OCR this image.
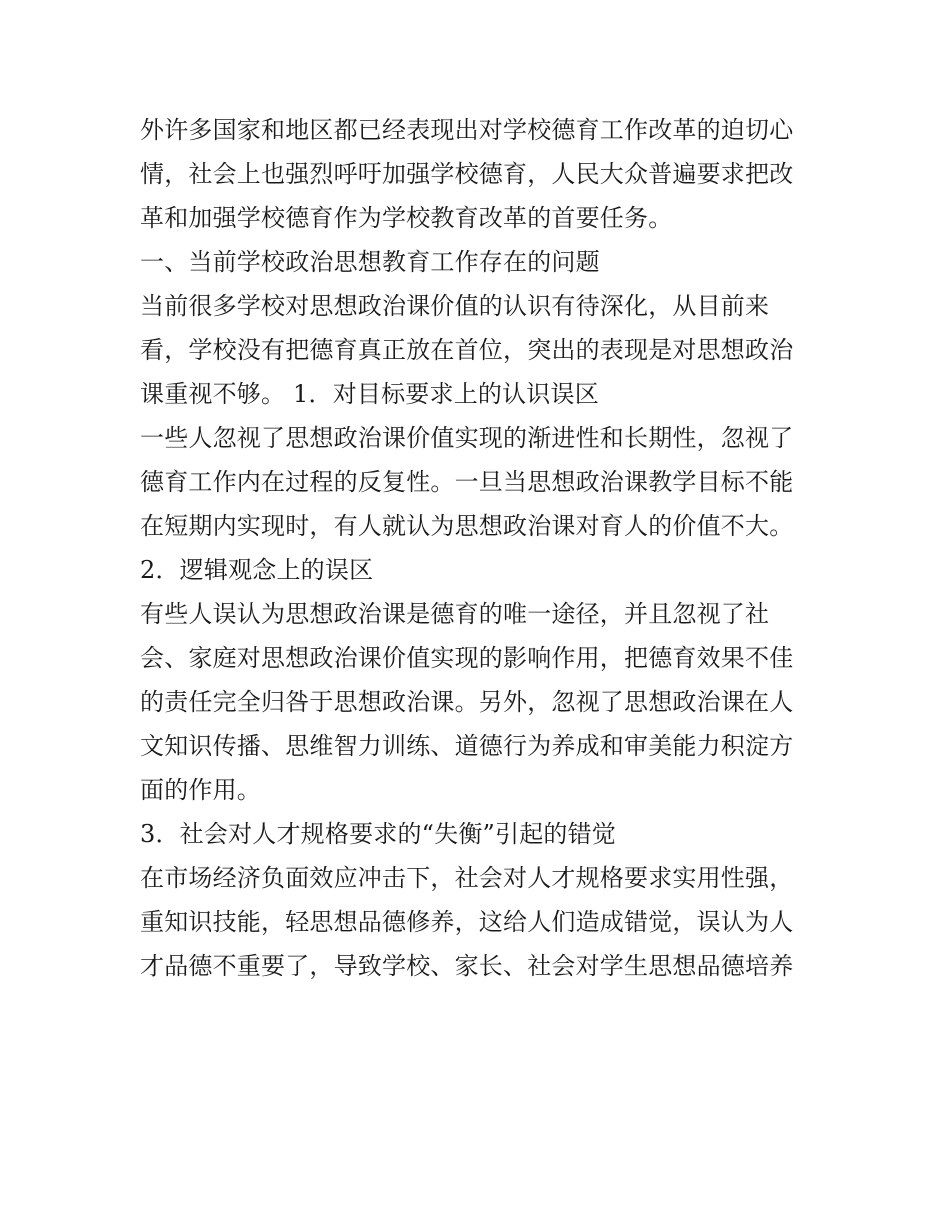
外许多国家和地区都已经表现出对学校德育工作改革的迫切心
情，社会上也强烈呼吁加强学校德育，人民大众普遍要求把改
革和加强学校德育作为学校教育改革的首要任务。
一、当前学校政治思想教育工作存在的问题
当前很多学校对思想政治课价值的认识有待深化，从目前来
看，学校没有把德育真正放在首位，突出的表现是对思想政治
课重视不够。 1．对目标要求上的认识误区
一些人忽视了思想政治课价值实现的渐进性和长期性，忽视了
德育工作内在过程的反复性。一旦当思想政治课教学目标不能
在短期内实现时，有人就认为思想政治课对育人的价值不大。
2．逻辑观念上的误区
有些人误认为思想政治课是德育的唯一途径，并且忽视了社
会、家庭对思想政治课价值实现的影响作用，把德育效果不佳
的责任完全归咎于思想政治课。另外，忽视了思想政治课在人
文知识传播、思维智力训练、道德行为养成和审美能力积淀方
面的作用。
3．社会对人才规格要求的“失衡”引起的错觉
在市场经济负面效应冲击下，社会对人才规格要求实用性强，
重知识技能，轻思想品德修养，这给人们造成错觉，误认为人
才品德不重要了，导致学校、家长、社会对学生思想品德培养
